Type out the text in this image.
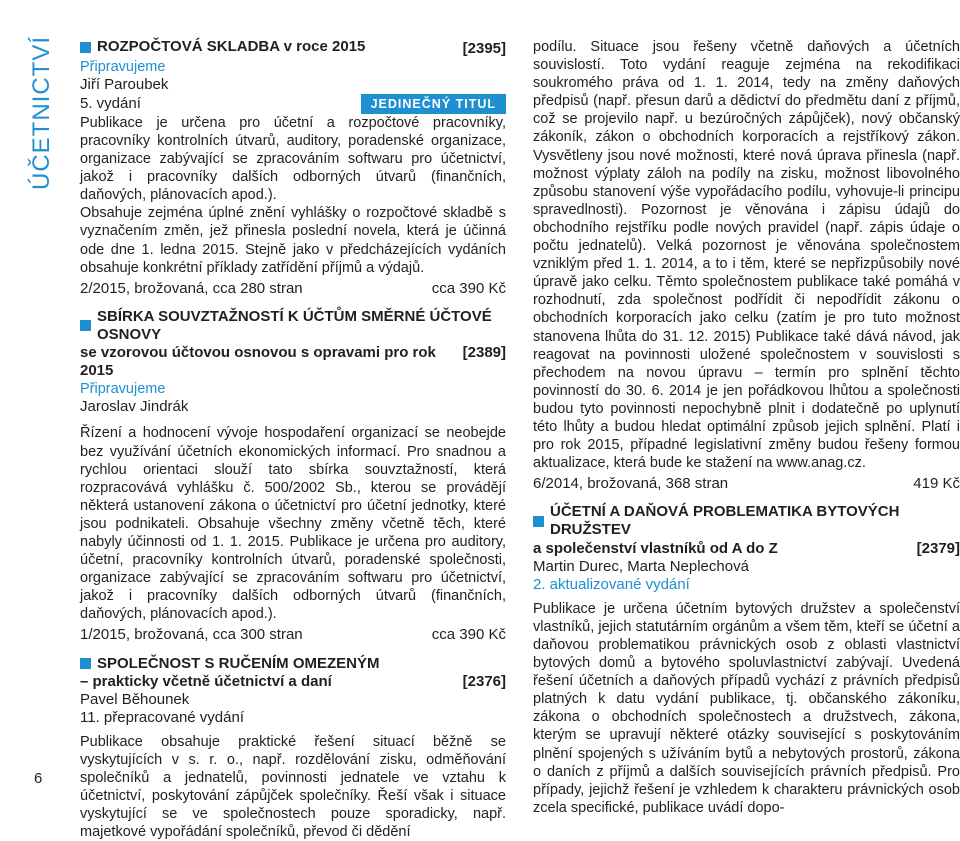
ÚČETNICTVÍ
6
ROZPOČTOVÁ SKLADBA v roce 2015	[2395]
Připravujeme
Jiří Paroubek
5. vydání	JEDINEČNÝ TITUL
Publikace je určena pro účetní a rozpočtové pracovníky, pracovníky kontrolních útvarů, auditory, poradenské organizace, organizace zabývající se zpracováním softwaru pro účetnictví, jakož i pracovníky dalších odborných útvarů (finančních, daňových, plánovacích apod.).
Obsahuje zejména úplné znění vyhlášky o rozpočtové skladbě s vyznačením změn, jež přinesla poslední novela, která je účinná ode dne 1. ledna 2015. Stejně jako v předcházejících vydáních obsahuje konkrétní příklady zatřídění příjmů a výdajů.
2/2015, brožovaná, cca 280 stran	cca 390 Kč
SBÍRKA SOUVZTAŽNOSTÍ K ÚČTŮM SMĚRNÉ ÚČTOVÉ OSNOVY
se vzorovou účtovou osnovou s opravami pro rok 2015
[2389]
Připravujeme
Jaroslav Jindrák
Řízení a hodnocení vývoje hospodaření organizací se neobejde bez využívání účetních ekonomických informací. Pro snadnou a rychlou orientaci slouží tato sbírka souvztažností, která rozpracovává vyhlášku č. 500/2002 Sb., kterou se provádějí některá ustanovení zákona o účetnictví pro účetní jednotky, které jsou podnikateli. Obsahuje všechny změny včetně těch, které nabyly účinnosti od 1. 1. 2015. Publikace je určena pro auditory, účetní, pracovníky kontrolních útvarů, poradenské společnosti, organizace zabývající se zpracováním softwaru pro účetnictví, jakož i pracovníky dalších odborných útvarů (finančních, daňových, plánovacích apod.).
1/2015, brožovaná, cca 300 stran	cca 390 Kč
SPOLEČNOST S RUČENÍM OMEZENÝM
– prakticky včetně účetnictví a daní	[2376]
Pavel Běhounek
11. přepracované vydání
Publikace obsahuje praktické řešení situací běžně se vyskytujících v s. r. o., např. rozdělování zisku, odměňování společníků a jednatelů, povinnosti jednatele ve vztahu k účetnictví, poskytování zápůjček společníky. Řeší však i situace vyskytující se ve společnostech pouze sporadicky, např. majetkové vypořádání společníků, převod či dědění
podílu. Situace jsou řešeny včetně daňových a účetních souvislostí. Toto vydání reaguje zejména na rekodifikaci soukromého práva od 1. 1. 2014, tedy na změny daňových předpisů (např. přesun darů a dědictví do předmětu daní z příjmů, což se projevilo např. u bezúročných zápůjček), nový občanský zákoník, zákon o obchodních korporacích a rejstříkový zákon. Vysvětleny jsou nové možnosti, které nová úprava přinesla (např. možnost výplaty záloh na podíly na zisku, možnost libovolného způsobu stanovení výše vypořádacího podílu, vyhovuje-li principu spravedlnosti). Pozornost je věnována i zápisu údajů do obchodního rejstříku podle nových pravidel (např. zápis údaje o počtu jednatelů). Velká pozornost je věnována společnostem vzniklým před 1. 1. 2014, a to i těm, které se nepřizpůsobily nové úpravě jako celku. Těmto společnostem publikace také pomáhá v rozhodnutí, zda společnost podřídit či nepodřídit zákonu o obchodních korporacích jako celku (zatím je pro tuto možnost stanovena lhůta do 31. 12. 2015) Publikace také dává návod, jak reagovat na povinnosti uložené společnostem v souvislosti s přechodem na novou úpravu – termín pro splnění těchto povinností do 30. 6. 2014 je jen pořádkovou lhůtou a společnosti budou tyto povinnosti nepochybně plnit i dodatečně po uplynutí této lhůty a budou hledat optimální způsob jejich splnění. Platí i pro rok 2015, případné legislativní změny budou řešeny formou aktualizace, která bude ke stažení na www.anag.cz.
6/2014, brožovaná, 368 stran	419 Kč
ÚČETNÍ A DAŇOVÁ PROBLEMATIKA BYTOVÝCH DRUŽSTEV
a společenství vlastníků od A do Z	[2379]
Martin Durec, Marta Neplechová
2. aktualizované vydání
Publikace je určena účetním bytových družstev a společenství vlastníků, jejich statutárním orgánům a všem těm, kteří se účetní a daňovou problematikou právnických osob z oblasti vlastnictví bytových domů a bytového spoluvlastnictví zabývají. Uvedená řešení účetních a daňových případů vychází z právních předpisů platných k datu vydání publikace, tj. občanského zákoníku, zákona o obchodních společnostech a družstvech, zákona, kterým se upravují některé otázky související s poskytováním plnění spojených s užíváním bytů a nebytových prostorů, zákona o daních z příjmů a dalších souvisejících právních předpisů. Pro případy, jejichž řešení je vzhledem k charakteru právnických osob zcela specifické, publikace uvádí dopo-
